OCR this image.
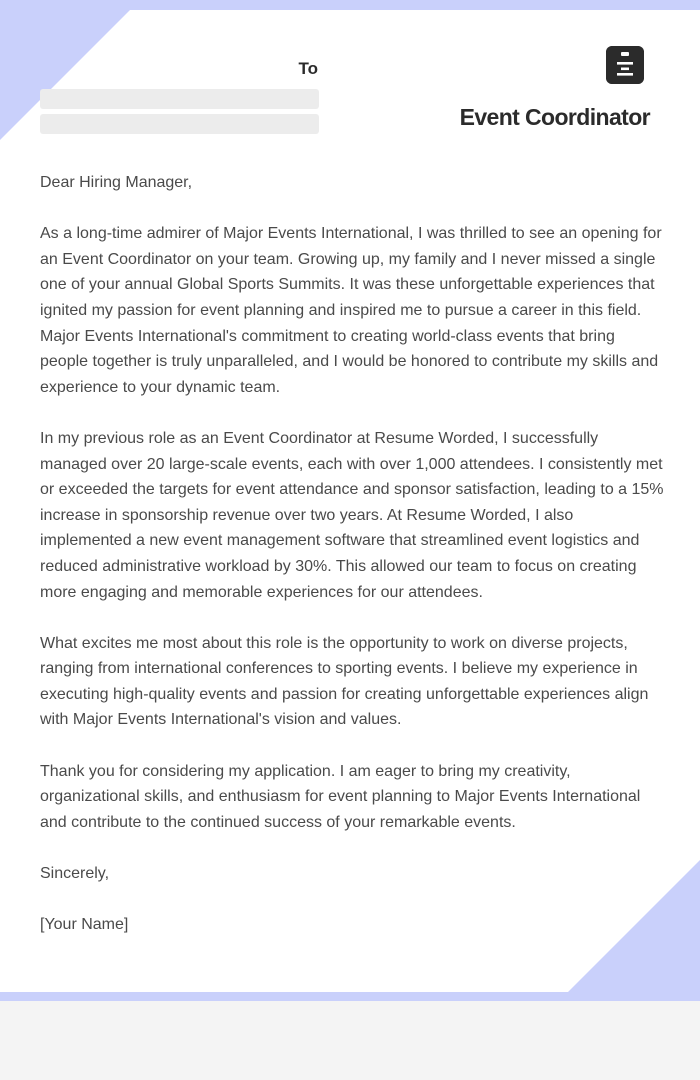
To
Event Coordinator

Dear Hiring Manager,

As a long-time admirer of Major Events International, I was thrilled to see an opening for an Event Coordinator on your team. Growing up, my family and I never missed a single one of your annual Global Sports Summits. It was these unforgettable experiences that ignited my passion for event planning and inspired me to pursue a career in this field. Major Events International's commitment to creating world-class events that bring people together is truly unparalleled, and I would be honored to contribute my skills and experience to your dynamic team.

In my previous role as an Event Coordinator at Resume Worded, I successfully managed over 20 large-scale events, each with over 1,000 attendees. I consistently met or exceeded the targets for event attendance and sponsor satisfaction, leading to a 15% increase in sponsorship revenue over two years. At Resume Worded, I also implemented a new event management software that streamlined event logistics and reduced administrative workload by 30%. This allowed our team to focus on creating more engaging and memorable experiences for our attendees.

What excites me most about this role is the opportunity to work on diverse projects, ranging from international conferences to sporting events. I believe my experience in executing high-quality events and passion for creating unforgettable experiences align with Major Events International's vision and values.

Thank you for considering my application. I am eager to bring my creativity, organizational skills, and enthusiasm for event planning to Major Events International and contribute to the continued success of your remarkable events.

Sincerely,

[Your Name]
